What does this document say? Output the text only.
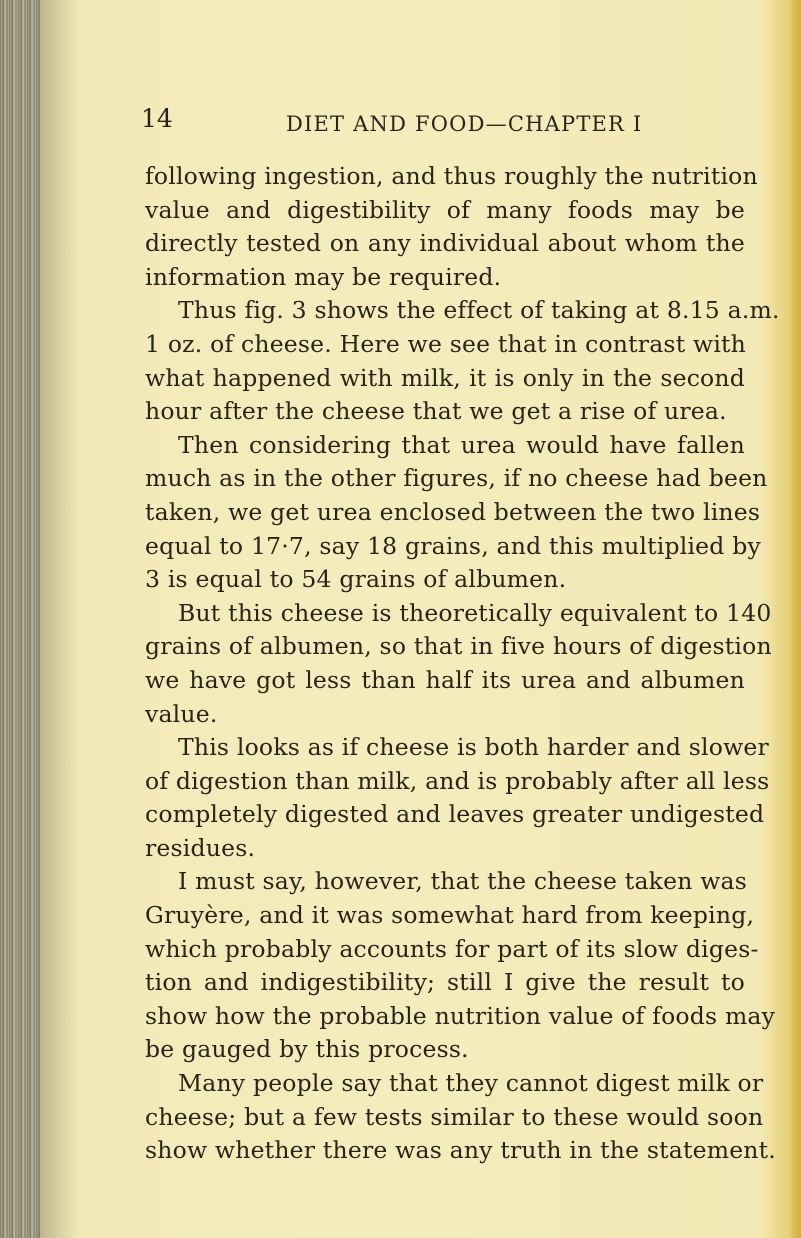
14	DIET AND FOOD—CHAPTER I
following ingestion, and thus roughly the nutrition
value and digestibility of many foods may be
directly tested on any individual about whom the
information may be required.
Thus fig. 3 shows the effect of taking at 8.15 a.m.
1 oz. of cheese. Here we see that in contrast with
what happened with milk, it is only in the second
hour after the cheese that we get a rise of urea.
Then considering that urea would have fallen
much as in the other figures, if no cheese had been
taken, we get urea enclosed between the two lines
equal to 17·7, say 18 grains, and this multiplied by
3 is equal to 54 grains of albumen.
But this cheese is theoretically equivalent to 140
grains of albumen, so that in five hours of digestion
we have got less than half its urea and albumen
value.
This looks as if cheese is both harder and slower
of digestion than milk, and is probably after all less
completely digested and leaves greater undigested
residues.
I must say, however, that the cheese taken was
Gruyère, and it was somewhat hard from keeping,
which probably accounts for part of its slow diges-
tion and indigestibility; still I give the result to
show how the probable nutrition value of foods may
be gauged by this process.
Many people say that they cannot digest milk or
cheese; but a few tests similar to these would soon
show whether there was any truth in the statement.
